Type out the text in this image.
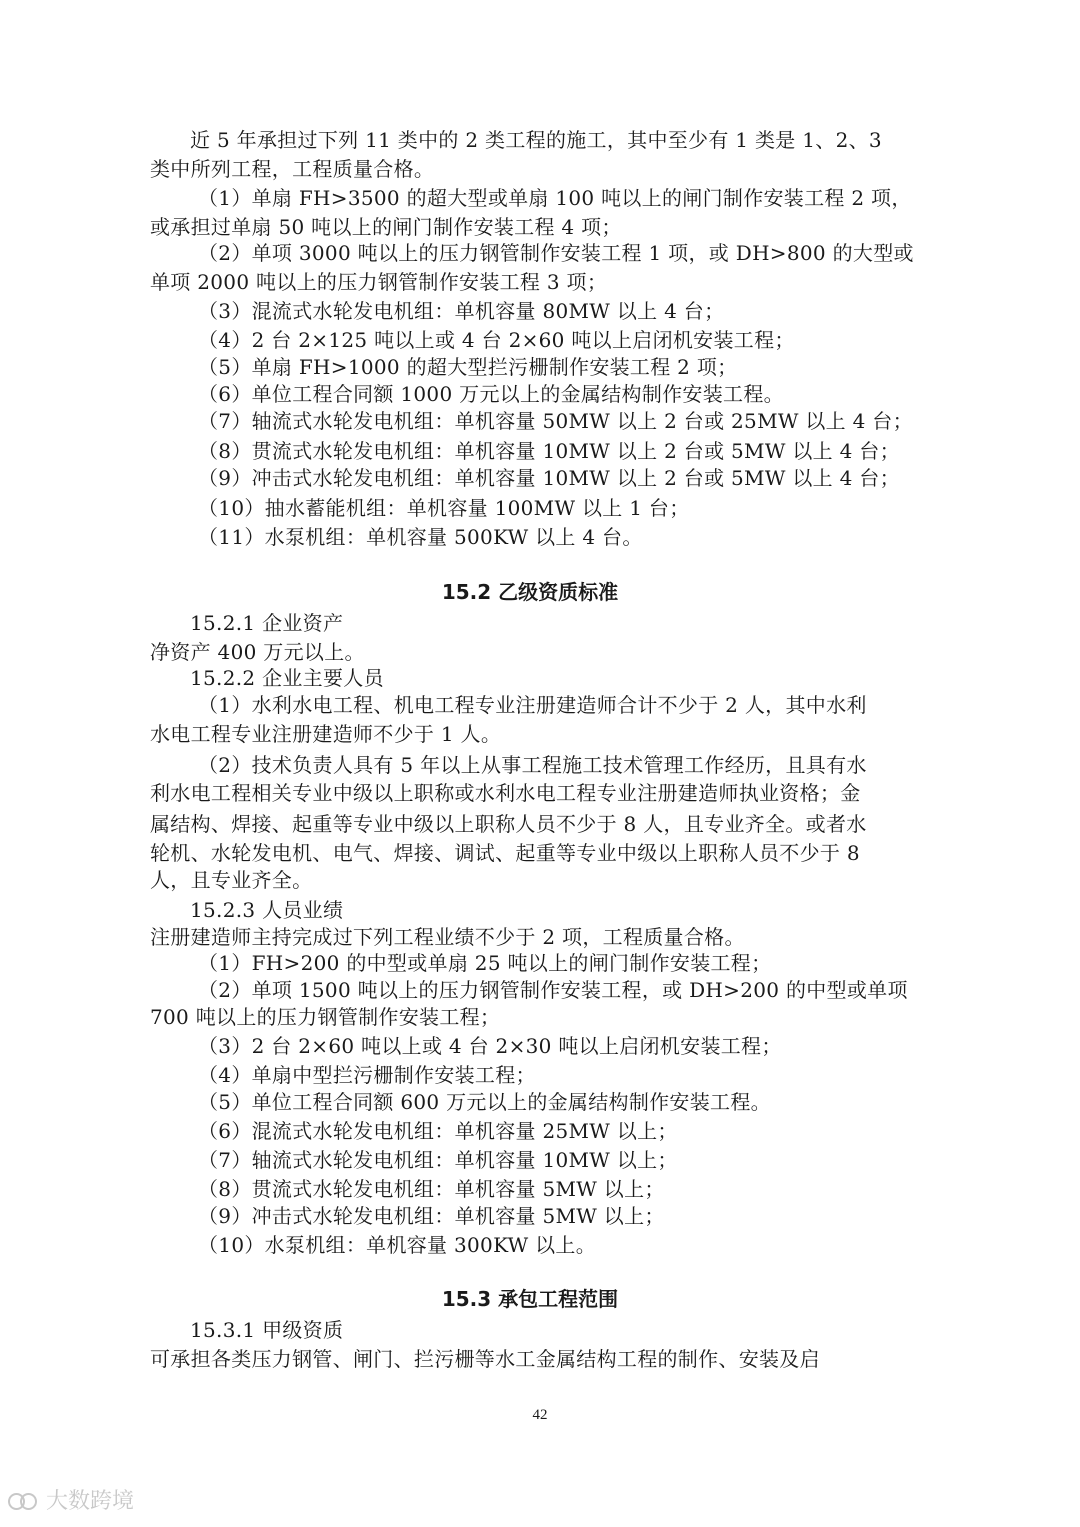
近 5 年承担过下列 11 类中的 2 类工程的施工，其中至少有 1 类是 1、2、3
类中所列工程，工程质量合格。
（1）单扇 FH>3500 的超大型或单扇 100 吨以上的闸门制作安装工程 2 项，
或承担过单扇 50 吨以上的闸门制作安装工程 4 项；
（2）单项 3000 吨以上的压力钢管制作安装工程 1 项，或 DH>800 的大型或
单项 2000 吨以上的压力钢管制作安装工程 3 项；
（3）混流式水轮发电机组：单机容量 80MW 以上 4 台；
（4）2 台 2×125 吨以上或 4 台 2×60 吨以上启闭机安装工程；
（5）单扇 FH>1000 的超大型拦污栅制作安装工程 2 项；
（6）单位工程合同额 1000 万元以上的金属结构制作安装工程。
（7）轴流式水轮发电机组：单机容量 50MW 以上 2 台或 25MW 以上 4 台；
（8）贯流式水轮发电机组：单机容量 10MW 以上 2 台或 5MW 以上 4 台；
（9）冲击式水轮发电机组：单机容量 10MW 以上 2 台或 5MW 以上 4 台；
（10）抽水蓄能机组：单机容量 100MW 以上 1 台；
（11）水泵机组：单机容量 500KW 以上 4 台。
15.2 乙级资质标准
15.2.1 企业资产
净资产 400 万元以上。
15.2.2 企业主要人员
（1）水利水电工程、机电工程专业注册建造师合计不少于 2 人，其中水利
水电工程专业注册建造师不少于 1 人。
（2）技术负责人具有 5 年以上从事工程施工技术管理工作经历，且具有水
利水电工程相关专业中级以上职称或水利水电工程专业注册建造师执业资格；金
属结构、焊接、起重等专业中级以上职称人员不少于 8 人，且专业齐全。或者水
轮机、水轮发电机、电气、焊接、调试、起重等专业中级以上职称人员不少于 8
人，且专业齐全。
15.2.3 人员业绩
注册建造师主持完成过下列工程业绩不少于 2 项，工程质量合格。
（1）FH>200 的中型或单扇 25 吨以上的闸门制作安装工程；
（2）单项 1500 吨以上的压力钢管制作安装工程，或 DH>200 的中型或单项
700 吨以上的压力钢管制作安装工程；
（3）2 台 2×60 吨以上或 4 台 2×30 吨以上启闭机安装工程；
（4）单扇中型拦污栅制作安装工程；
（5）单位工程合同额 600 万元以上的金属结构制作安装工程。
（6）混流式水轮发电机组：单机容量 25MW 以上；
（7）轴流式水轮发电机组：单机容量 10MW 以上；
（8）贯流式水轮发电机组：单机容量 5MW 以上；
（9）冲击式水轮发电机组：单机容量 5MW 以上；
（10）水泵机组：单机容量 300KW 以上。
15.3 承包工程范围
15.3.1 甲级资质
可承担各类压力钢管、闸门、拦污栅等水工金属结构工程的制作、安装及启
42
大数跨境
